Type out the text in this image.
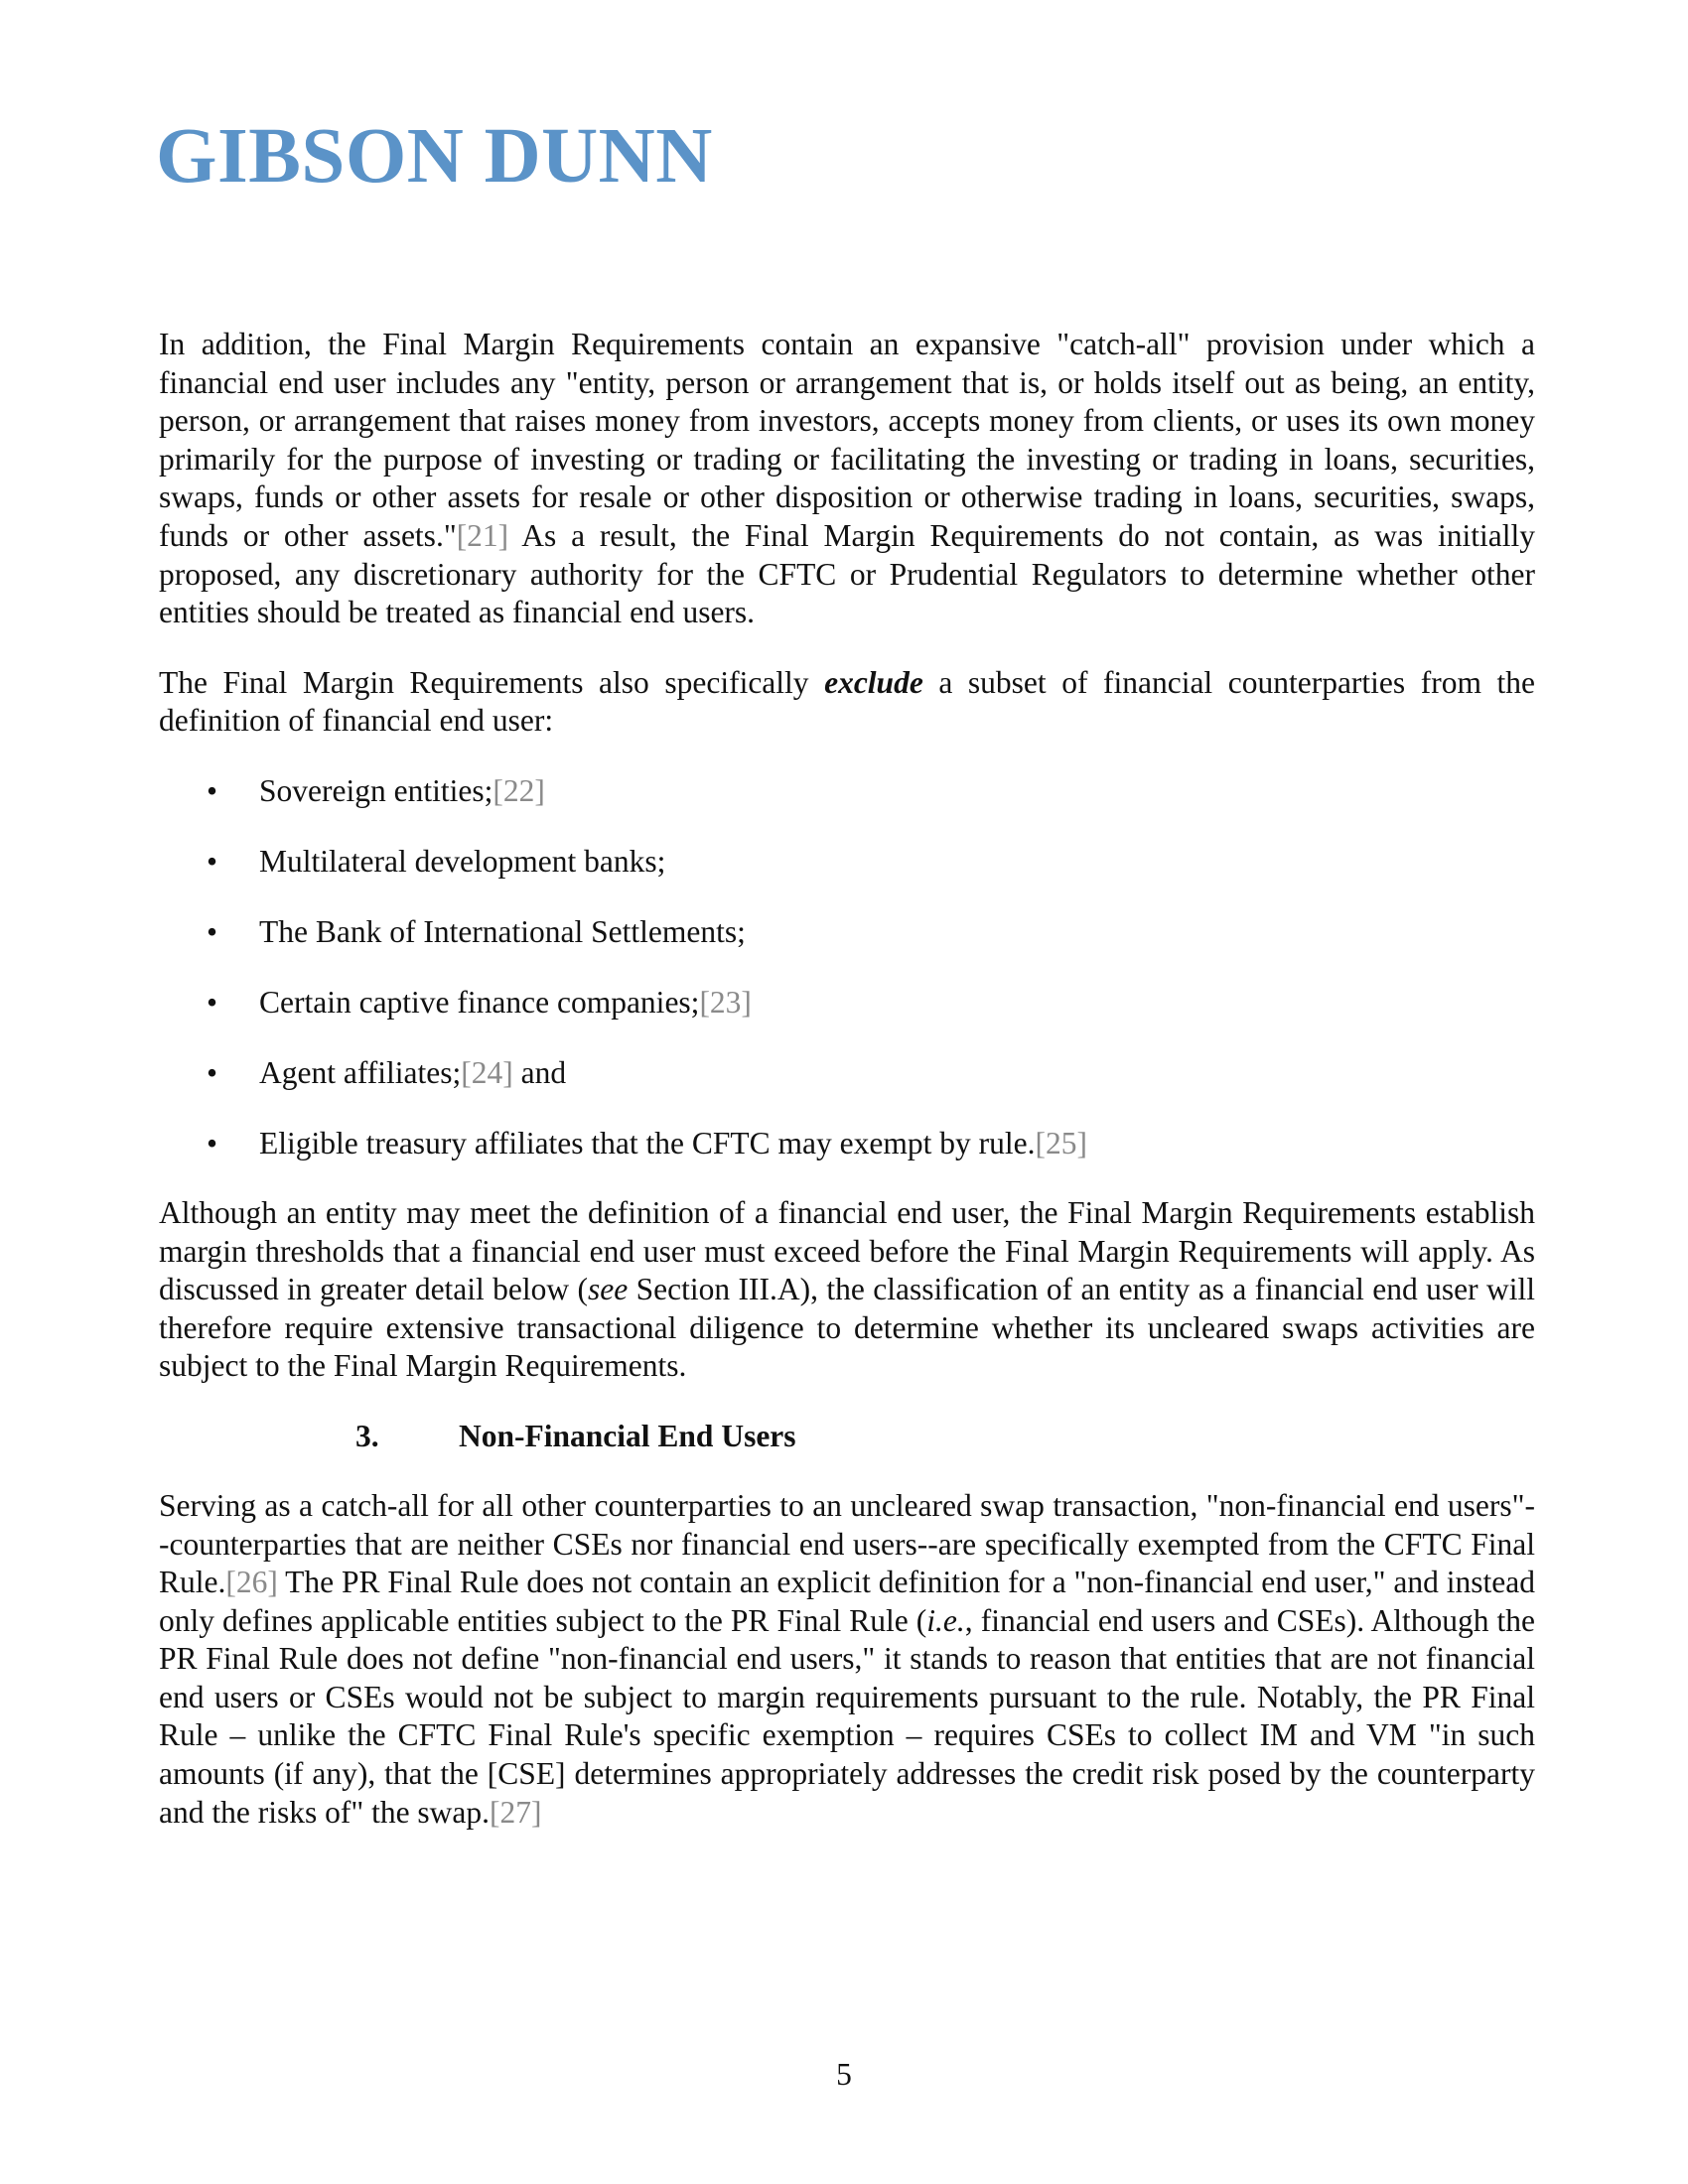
GIBSON DUNN

In addition, the Final Margin Requirements contain an expansive "catch-all" provision under which a financial end user includes any "entity, person or arrangement that is, or holds itself out as being, an entity, person, or arrangement that raises money from investors, accepts money from clients, or uses its own money primarily for the purpose of investing or trading or facilitating the investing or trading in loans, securities, swaps, funds or other assets for resale or other disposition or otherwise trading in loans, securities, swaps, funds or other assets."[21] As a result, the Final Margin Requirements do not contain, as was initially proposed, any discretionary authority for the CFTC or Prudential Regulators to determine whether other entities should be treated as financial end users.

The Final Margin Requirements also specifically exclude a subset of financial counterparties from the definition of financial end user:

• Sovereign entities;[22]
• Multilateral development banks;
• The Bank of International Settlements;
• Certain captive finance companies;[23]
• Agent affiliates;[24] and
• Eligible treasury affiliates that the CFTC may exempt by rule.[25]

Although an entity may meet the definition of a financial end user, the Final Margin Requirements establish margin thresholds that a financial end user must exceed before the Final Margin Requirements will apply. As discussed in greater detail below (see Section III.A), the classification of an entity as a financial end user will therefore require extensive transactional diligence to determine whether its uncleared swaps activities are subject to the Final Margin Requirements.

3.	Non-Financial End Users

Serving as a catch-all for all other counterparties to an uncleared swap transaction, "non-financial end users"--counterparties that are neither CSEs nor financial end users--are specifically exempted from the CFTC Final Rule.[26] The PR Final Rule does not contain an explicit definition for a "non-financial end user," and instead only defines applicable entities subject to the PR Final Rule (i.e., financial end users and CSEs). Although the PR Final Rule does not define "non-financial end users," it stands to reason that entities that are not financial end users or CSEs would not be subject to margin requirements pursuant to the rule. Notably, the PR Final Rule – unlike the CFTC Final Rule's specific exemption – requires CSEs to collect IM and VM "in such amounts (if any), that the [CSE] determines appropriately addresses the credit risk posed by the counterparty and the risks of" the swap.[27]

5
